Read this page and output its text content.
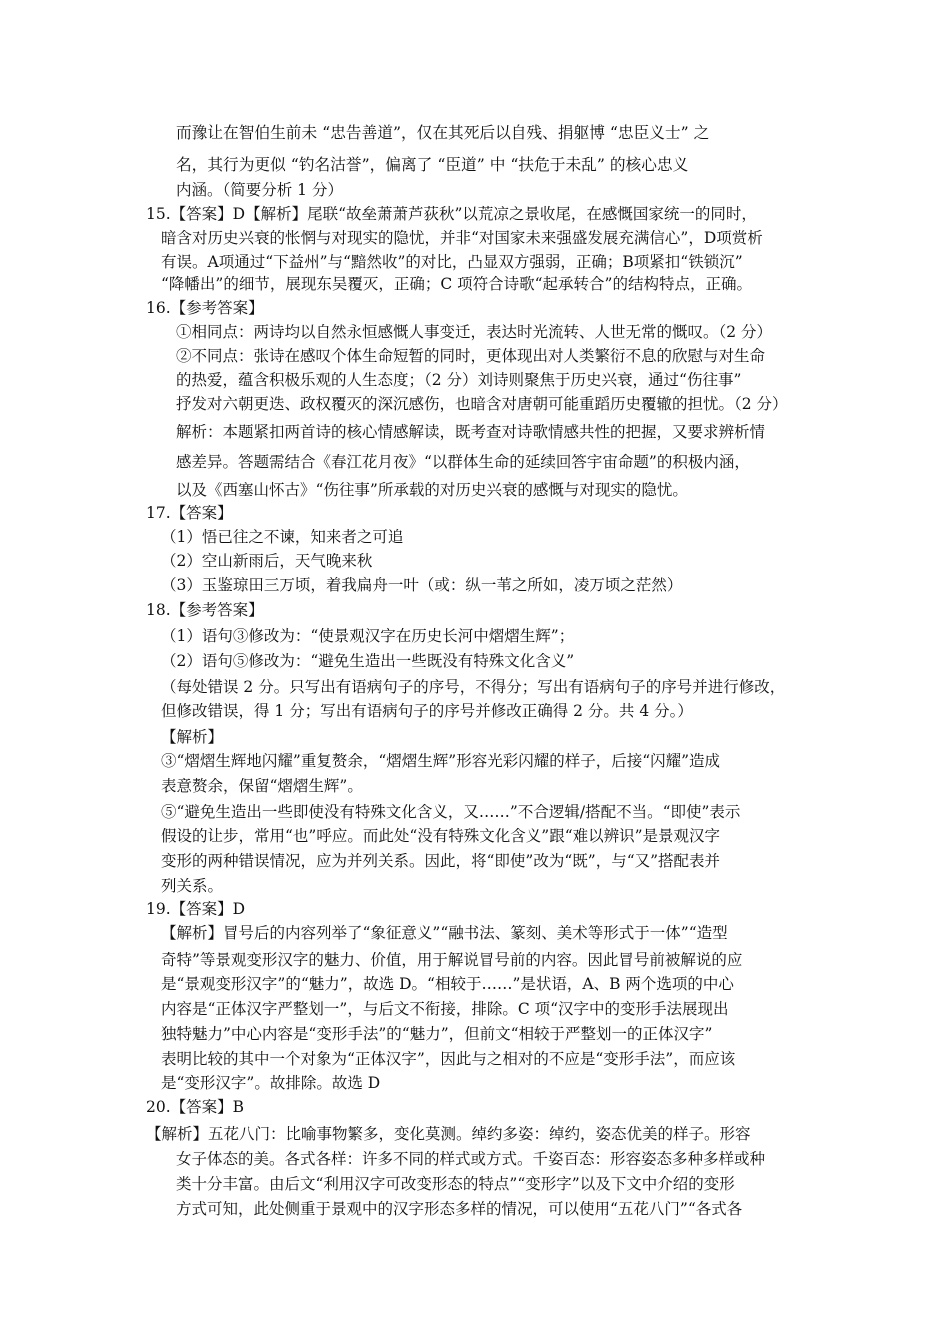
而豫让在智伯生前未 “忠告善道”，仅在其死后以自残、捐躯博 “忠臣义士” 之
名，其行为更似 “钓名沽誉”，偏离了 “臣道” 中 “扶危于未乱” 的核心忠义
内涵。（简要分析 1 分）
15.【答案】D【解析】尾联“故垒萧萧芦荻秋”以荒凉之景收尾，在感慨国家统一的同时，
暗含对历史兴衰的怅惘与对现实的隐忧，并非“对国家未来强盛发展充满信心”，D项赏析
有误。A项通过“下益州”与“黯然收”的对比，凸显双方强弱，正确；B项紧扣“铁锁沉”
“降幡出”的细节，展现东吴覆灭，正确；C 项符合诗歌“起承转合”的结构特点，正确。
16.【参考答案】
①相同点：两诗均以自然永恒感慨人事变迁，表达时光流转、人世无常的慨叹。（2 分）
②不同点：张诗在感叹个体生命短暂的同时，更体现出对人类繁衍不息的欣慰与对生命
的热爱，蕴含积极乐观的人生态度；（2 分）刘诗则聚焦于历史兴衰，通过“伤往事”
抒发对六朝更迭、政权覆灭的深沉感伤，也暗含对唐朝可能重蹈历史覆辙的担忧。（2 分）
解析：本题紧扣两首诗的核心情感解读，既考查对诗歌情感共性的把握，又要求辨析情
感差异。答题需结合《春江花月夜》“以群体生命的延续回答宇宙命题”的积极内涵，
以及《西塞山怀古》“伤往事”所承载的对历史兴衰的感慨与对现实的隐忧。
17.【答案】
（1）悟已往之不谏，知来者之可追
（2）空山新雨后，天气晚来秋
（3）玉鉴琼田三万顷，着我扁舟一叶（或：纵一苇之所如，凌万顷之茫然）
18.【参考答案】
（1）语句③修改为：“使景观汉字在历史长河中熠熠生辉”；
（2）语句⑤修改为：“避免生造出一些既没有特殊文化含义”
（每处错误 2 分。只写出有语病句子的序号，不得分；写出有语病句子的序号并进行修改，
但修改错误，得 1 分；写出有语病句子的序号并修改正确得 2 分。共 4 分。）
【解析】
③“熠熠生辉地闪耀”重复赘余，“熠熠生辉”形容光彩闪耀的样子，后接“闪耀”造成
表意赘余，保留“熠熠生辉”。
⑤“避免生造出一些即使没有特殊文化含义，又……”不合逻辑/搭配不当。“即使”表示
假设的让步，常用“也”呼应。而此处“没有特殊文化含义”跟“难以辨识”是景观汉字
变形的两种错误情况，应为并列关系。因此，将“即使”改为“既”，与“又”搭配表并
列关系。
19.【答案】D
【解析】冒号后的内容列举了“象征意义”“融书法、篆刻、美术等形式于一体”“造型
奇特”等景观变形汉字的魅力、价值，用于解说冒号前的内容。因此冒号前被解说的应
是“景观变形汉字”的“魅力”，故选 D。“相较于……”是状语，A、B 两个选项的中心
内容是“正体汉字严整划一”，与后文不衔接，排除。C 项“汉字中的变形手法展现出
独特魅力”中心内容是“变形手法”的“魅力”，但前文“相较于严整划一的正体汉字”
表明比较的其中一个对象为“正体汉字”，因此与之相对的不应是“变形手法”，而应该
是“变形汉字”。故排除。故选 D
20.【答案】B
【解析】五花八门：比喻事物繁多，变化莫测。绰约多姿：绰约，姿态优美的样子。形容
女子体态的美。各式各样：许多不同的样式或方式。千姿百态：形容姿态多种多样或种
类十分丰富。由后文“利用汉字可改变形态的特点”“变形字”以及下文中介绍的变形
方式可知，此处侧重于景观中的汉字形态多样的情况，可以使用“五花八门”“各式各
